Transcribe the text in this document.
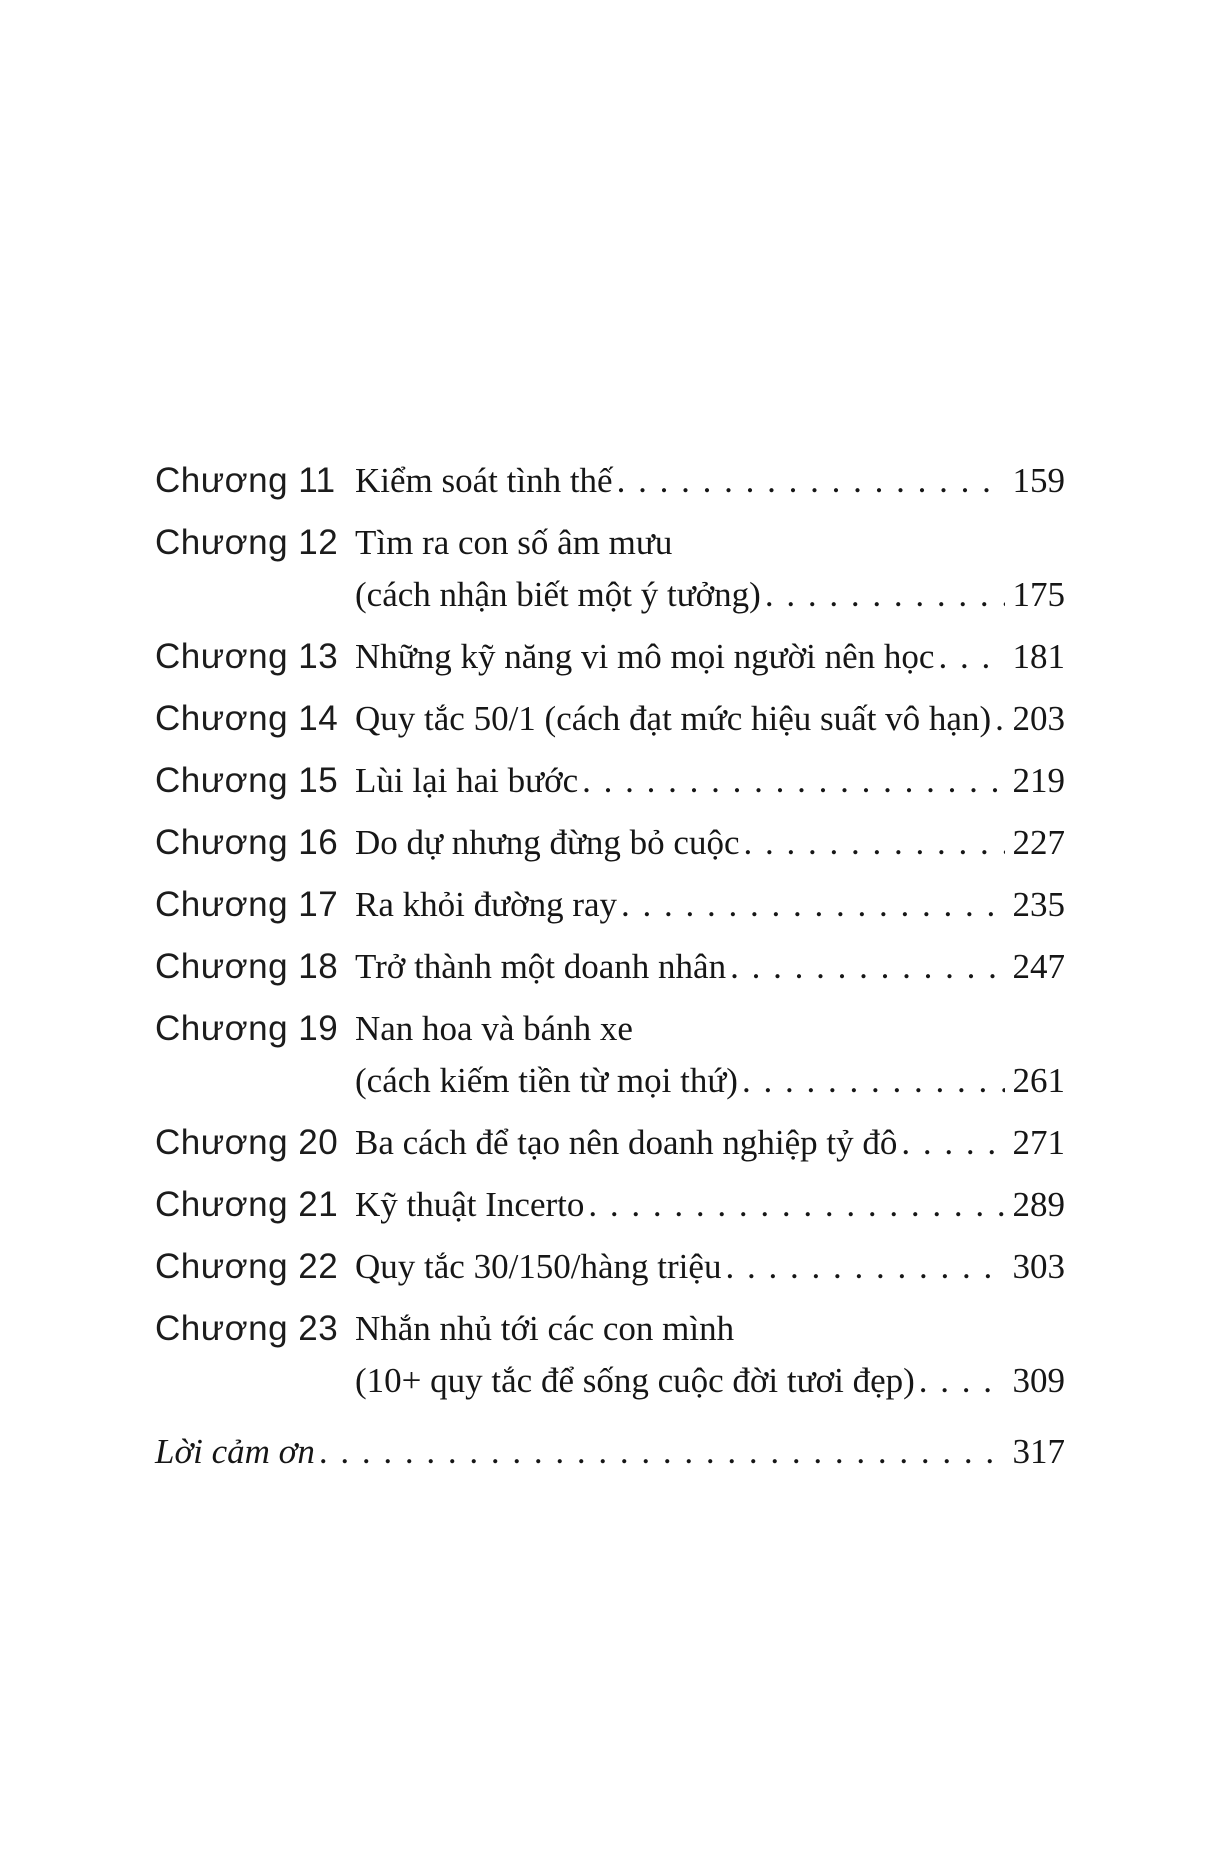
Chương 11 Kiểm soát tình thế . . .	159
Chương 12 Tìm ra con số âm mưu
(cách nhận biết một ý tưởng) . . .	175
Chương 13 Những kỹ năng vi mô mọi người nên học . . . 181
Chương 14 Quy tắc 50/1 (cách đạt mức hiệu suất vô hạn) . . . 203
Chương 15 Lùi lại hai bước . . .	219
Chương 16 Do dự nhưng đừng bỏ cuộc . . .	227
Chương 17 Ra khỏi đường ray . . .	235
Chương 18 Trở thành một doanh nhân . . .	247
Chương 19 Nan hoa và bánh xe
(cách kiếm tiền từ mọi thứ) . . .	261
Chương 20 Ba cách để tạo nên doanh nghiệp tỷ đô . . .	271
Chương 21 Kỹ thuật Incerto . . .	289
Chương 22 Quy tắc 30/150/hàng triệu . . .	303
Chương 23 Nhắn nhủ tới các con mình
(10+ quy tắc để sống cuộc đời tươi đẹp) . . .	309
Lời cảm ơn . . .	317
